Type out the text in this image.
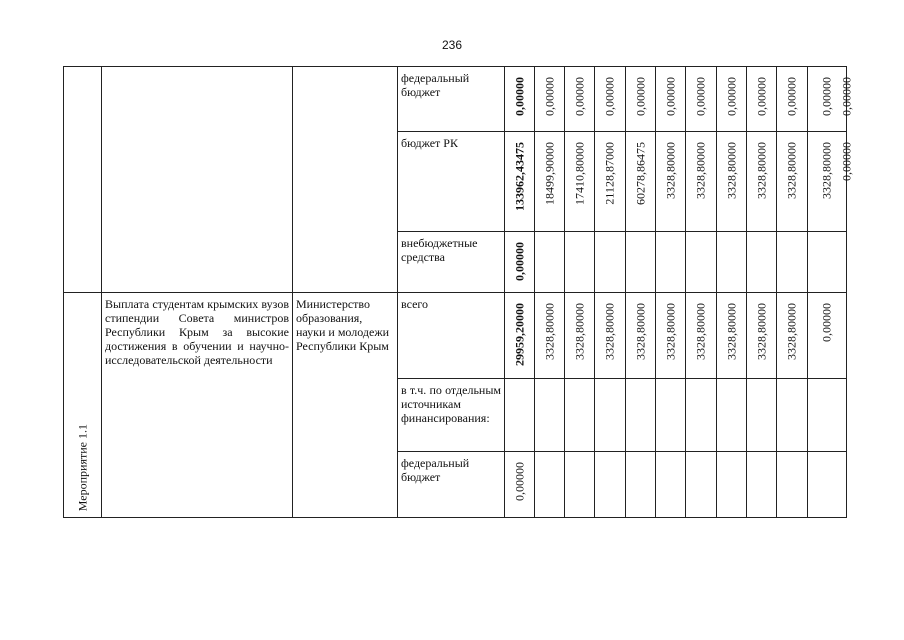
236

			федеральный бюджет	0,00000	0,00000	0,00000	0,00000	0,00000	0,00000	0,00000	0,00000	0,00000	0,00000	0,00000	0,00000

			бюджет РК	133962,43475	18499,90000	17410,80000	21128,87000	60278,86475	3328,80000	3328,80000	3328,80000	3328,80000	3328,80000	3328,80000	0,00000

			внебюджетные средства	0,00000											

Мероприятие 1.1	Выплата студентам крымских вузов стипендии Совета министров Республики Крым за высокие достижения в обучении и научно-исследовательской деятельности	Министерство образования, науки и молодежи Республики Крым	всего	29959,20000	3328,80000	3328,80000	3328,80000	3328,80000	3328,80000	3328,80000	3328,80000	3328,80000	3328,80000	0,00000	

			в т.ч. по отдельным источникам финансирования:												

			федеральный бюджет	0,00000											
